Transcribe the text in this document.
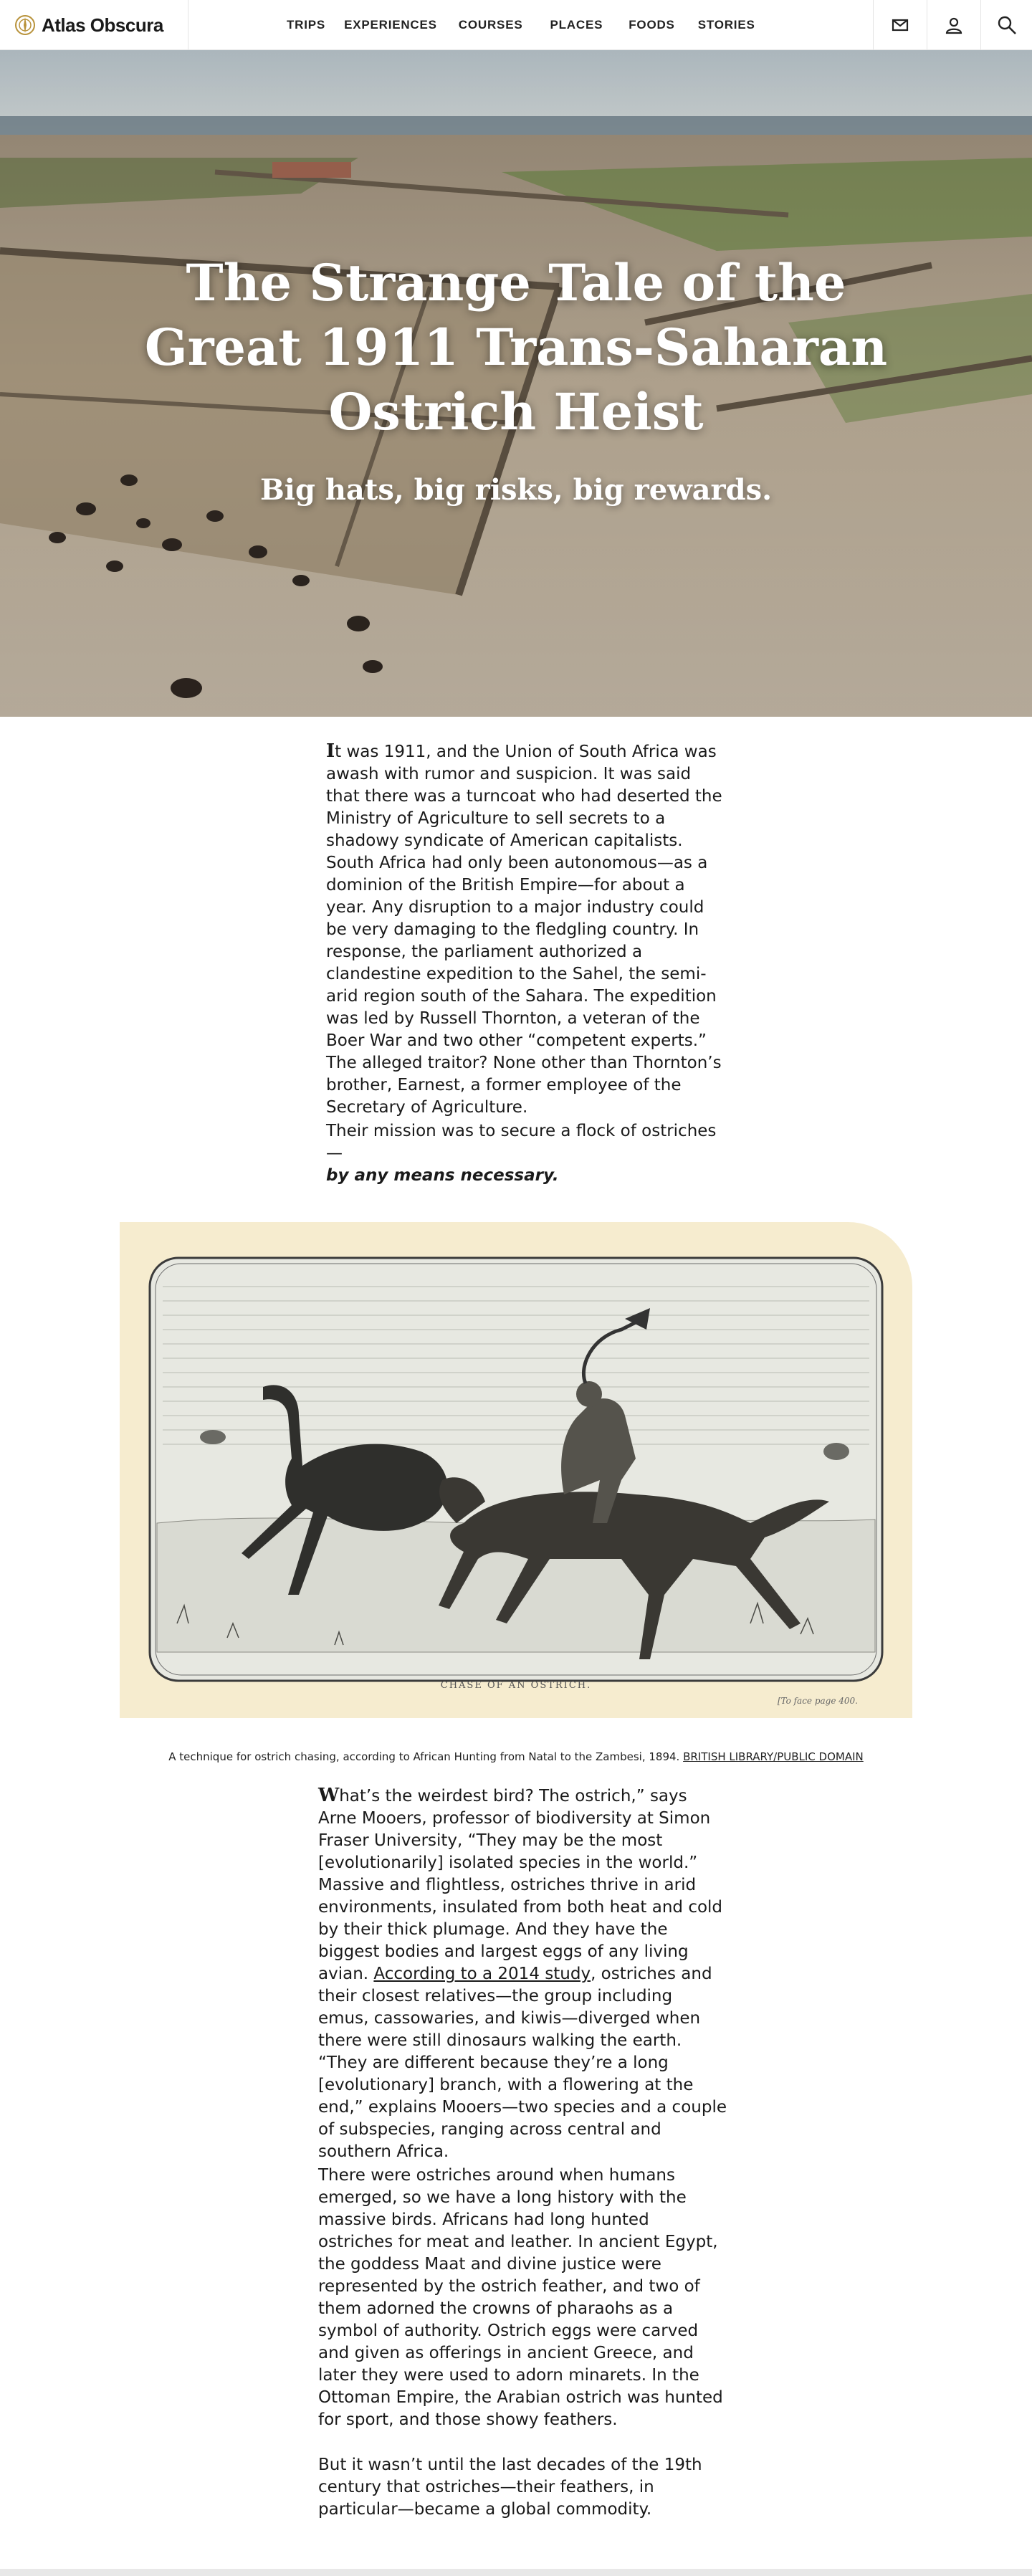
Atlas Obscura	TRIPS EXPERIENCES COURSES PLACES FOODS STORIES
The Strange Tale of the Great 1911 Trans-Saharan Ostrich Heist

Big hats, big risks, big rewards.

It was 1911, and the Union of South Africa was awash with rumor and suspicion. It was said that there was a turncoat who had deserted the Ministry of Agriculture to sell secrets to a shadowy syndicate of American capitalists. South Africa had only been autonomous—as a dominion of the British Empire—for about a year. Any disruption to a major industry could be very damaging to the fledgling country. In response, the parliament authorized a clandestine expedition to the Sahel, the semi-arid region south of the Sahara. The expedition was led by Russell Thornton, a veteran of the Boer War and two other “competent experts.” The alleged traitor? None other than Thornton’s brother, Earnest, a former employee of the Secretary of Agriculture.

Their mission was to secure a flock of ostriches—
by any means necessary.

CHASE OF AN OSTRICH.
[To face page 400.

A technique for ostrich chasing, according to African Hunting from Natal to the Zambesi, 1894. BRITISH LIBRARY/PUBLIC DOMAIN

What’s the weirdest bird? The ostrich,” says Arne Mooers, professor of biodiversity at Simon Fraser University, “They may be the most [evolutionarily] isolated species in the world.” Massive and flightless, ostriches thrive in arid environments, insulated from both heat and cold by their thick plumage. And they have the biggest bodies and largest eggs of any living avian. According to a 2014 study, ostriches and their closest relatives—the group including emus, cassowaries, and kiwis—diverged when there were still dinosaurs walking the earth. “They are different because they’re a long [evolutionary] branch, with a flowering at the end,” explains Mooers—two species and a couple of subspecies, ranging across central and southern Africa.

There were ostriches around when humans emerged, so we have a long history with the massive birds. Africans had long hunted ostriches for meat and leather. In ancient Egypt, the goddess Maat and divine justice were represented by the ostrich feather, and two of them adorned the crowns of pharaohs as a symbol of authority. Ostrich eggs were carved and given as offerings in ancient Greece, and later they were used to adorn minarets. In the Ottoman Empire, the Arabian ostrich was hunted for sport, and those showy feathers.

But it wasn’t until the last decades of the 19th century that ostriches—their feathers, in particular—became a global commodity.
